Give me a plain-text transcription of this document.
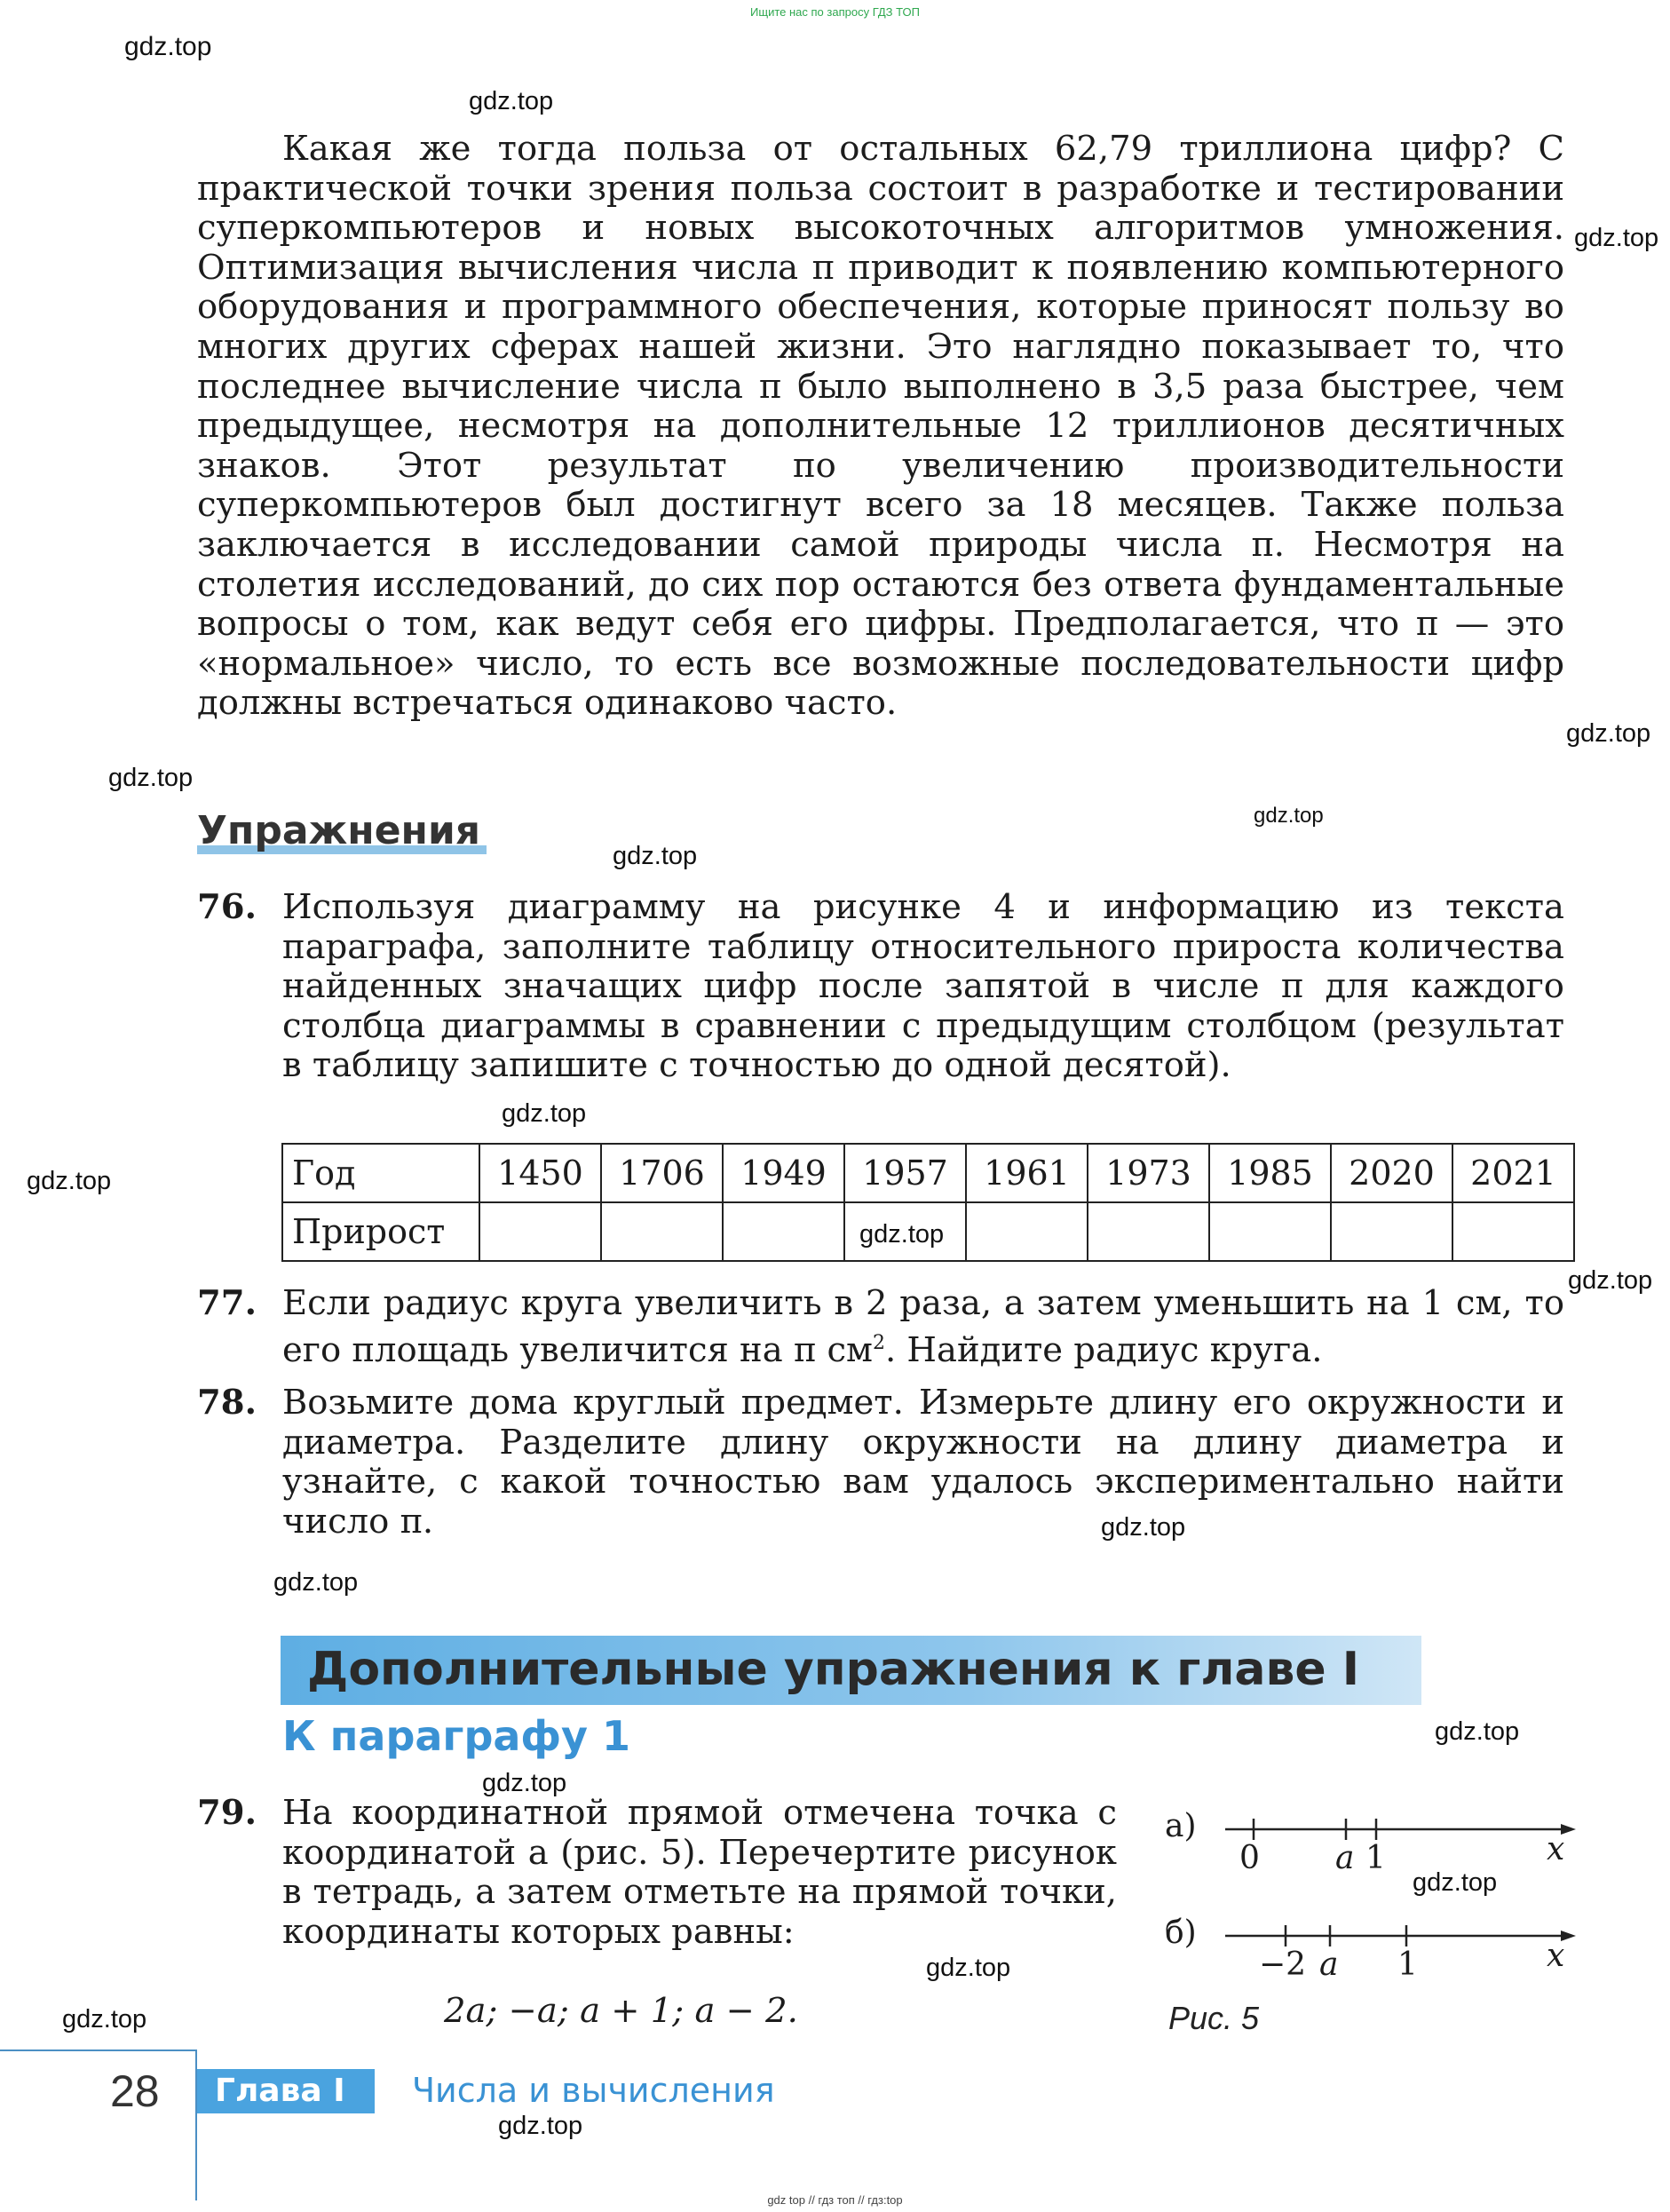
Ищите нас по запросу ГДЗ ТОП
gdz.top
gdz.top
gdz.top
gdz.top
gdz.top
gdz.top
gdz.top
gdz.top
gdz.top
gdz.top
gdz.top
gdz.top
gdz.top
gdz.top
gdz.top
gdz.top
gdz.top
gdz.top
gdz.top
Какая же тогда польза от остальных 62,79 триллиона цифр? С практической точки зрения польза состоит в разработке и тестировании суперкомпьютеров и новых высокоточных алгоритмов умножения. Оптимизация вычисления числа π приводит к появлению компьютерного оборудования и программного обеспечения, которые приносят пользу во многих других сферах нашей жизни. Это наглядно показывает то, что последнее вычисление числа π было выполнено в 3,5 раза быстрее, чем предыдущее, несмотря на дополнительные 12 триллионов десятичных знаков. Этот результат по увеличению производительности суперкомпьютеров был достигнут всего за 18 месяцев. Также польза заключается в исследовании самой природы числа π. Несмотря на столетия исследований, до сих пор остаются без ответа фундаментальные вопросы о том, как ведут себя его цифры. Предполагается, что π — это «нормальное» число, то есть все возможные последовательности цифр должны встречаться одинаково часто.
Упражнения
76. Используя диаграмму на рисунке 4 и информацию из текста параграфа, заполните таблицу относительного прироста количества найденных значащих цифр после запятой в числе π для каждого столбца диаграммы в сравнении с предыдущим столбцом (результат в таблицу запишите с точностью до одной десятой).
Год	1450	1706	1949	1957	1961	1973	1985	2020	2021
Прирост									
77. Если радиус круга увеличить в 2 раза, а затем уменьшить на 1 см, то его площадь увеличится на π $см^2$. Найдите радиус круга.
78. Возьмите дома круглый предмет. Измерьте длину его окружности и диаметра. Разделите длину окружности на длину диаметра и узнайте, с какой точностью вам удалось экспериментально найти число π.
Дополнительные упражнения к главе I
К параграфу 1
79. На координатной прямой отмечена точка с координатой a (рис. 5). Перечертите рисунок в тетрадь, а затем отметьте на прямой точки, координаты которых равны:
2a; −a; a + 1; a − 2.
а)
б)
0 a 1	x
−2 a 1	x
Рис. 5
28 Глава I Числа и вычисления
gdz top // гдз топ // гдз:top
